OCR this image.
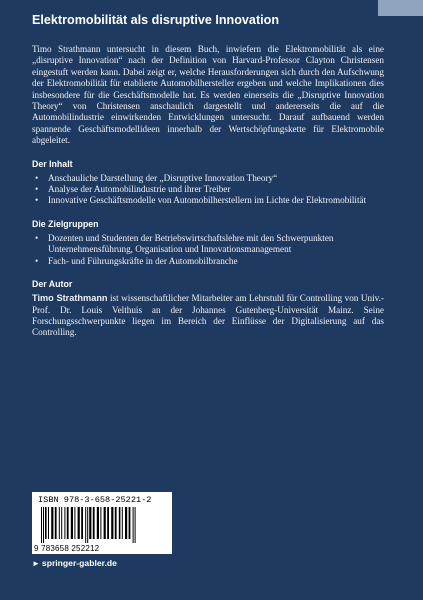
Elektromobilität als disruptive Innovation

Timo Strathmann untersucht in diesem Buch, inwiefern die Elektromobilität als eine „disruptive Innovation“ nach der Definition von Harvard-Professor Clayton Christensen eingestuft werden kann. Dabei zeigt er, welche Herausforderungen sich durch den Aufschwung der Elektromobilität für etablierte Automobilhersteller ergeben und welche Implikationen dies insbesondere für die Geschäftsmodelle hat. Es werden einerseits die „Disruptive Innovation Theory“ von Christensen anschaulich dargestellt und andererseits die auf die Automobilindustrie einwirkenden Entwicklungen untersucht. Darauf aufbauend werden spannende Geschäftsmodellideen innerhalb der Wertschöpfungskette für Elektromobile abgeleitet.

Der Inhalt
• Anschauliche Darstellung der „Disruptive Innovation Theory“
• Analyse der Automobilindustrie und ihrer Treiber
• Innovative Geschäftsmodelle von Automobilherstellern im Lichte der Elektromobilität
Die Zielgruppen
• Dozenten und Studenten der Betriebswirtschaftslehre mit den Schwerpunkten Unternehmensführung, Organisation und Innovationsmanagement
• Fach- und Führungskräfte in der Automobilbranche
Der Autor

Timo Strathmann ist wissenschaftlicher Mitarbeiter am Lehrstuhl für Controlling von Univ.-Prof. Dr. Louis Velthuis an der Johannes Gutenberg-Universität Mainz. Seine Forschungsschwerpunkte liegen im Bereich der Einflüsse der Digitalisierung auf das Controlling.

ISBN 978-3-658-25221-2
9 783658 252212
► springer-gabler.de
